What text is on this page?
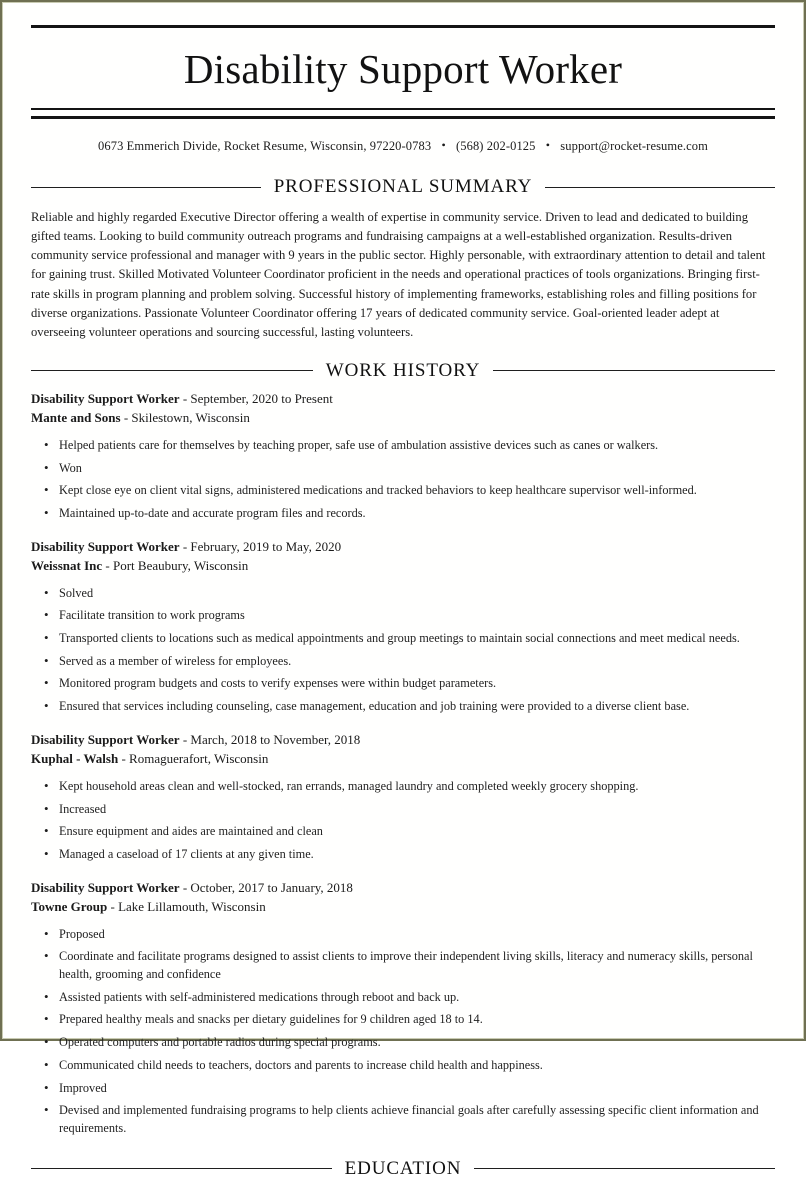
Disability Support Worker
0673 Emmerich Divide, Rocket Resume, Wisconsin, 97220-0783 • (568) 202-0125 • support@rocket-resume.com
PROFESSIONAL SUMMARY

Reliable and highly regarded Executive Director offering a wealth of expertise in community service. Driven to lead and dedicated to building gifted teams. Looking to build community outreach programs and fundraising campaigns at a well-established organization. Results-driven community service professional and manager with 9 years in the public sector. Highly personable, with extraordinary attention to detail and talent for gaining trust. Skilled Motivated Volunteer Coordinator proficient in the needs and operational practices of tools organizations. Bringing first-rate skills in program planning and problem solving. Successful history of implementing frameworks, establishing roles and filling positions for diverse organizations. Passionate Volunteer Coordinator offering 17 years of dedicated community service. Goal-oriented leader adept at overseeing volunteer operations and sourcing successful, lasting volunteers.

WORK HISTORY
Disability Support Worker - September, 2020 to Present
Mante and Sons - Skilestown, Wisconsin
• Helped patients care for themselves by teaching proper, safe use of ambulation assistive devices such as canes or walkers.
• Won
• Kept close eye on client vital signs, administered medications and tracked behaviors to keep healthcare supervisor well-informed.
• Maintained up-to-date and accurate program files and records.
Disability Support Worker - February, 2019 to May, 2020
Weissnat Inc - Port Beaubury, Wisconsin
• Solved
• Facilitate transition to work programs
• Transported clients to locations such as medical appointments and group meetings to maintain social connections and meet medical needs.
• Served as a member of wireless for employees.
• Monitored program budgets and costs to verify expenses were within budget parameters.
• Ensured that services including counseling, case management, education and job training were provided to a diverse client base.
Disability Support Worker - March, 2018 to November, 2018
Kuphal - Walsh - Romaguerafort, Wisconsin
• Kept household areas clean and well-stocked, ran errands, managed laundry and completed weekly grocery shopping.
• Increased
• Ensure equipment and aides are maintained and clean
• Managed a caseload of 17 clients at any given time.
Disability Support Worker - October, 2017 to January, 2018
Towne Group - Lake Lillamouth, Wisconsin
• Proposed
• Coordinate and facilitate programs designed to assist clients to improve their independent living skills, literacy and numeracy skills, personal health, grooming and confidence
• Assisted patients with self-administered medications through reboot and back up.
• Prepared healthy meals and snacks per dietary guidelines for 9 children aged 18 to 14.
• Operated computers and portable radios during special programs.
• Communicated child needs to teachers, doctors and parents to increase child health and happiness.
• Improved
• Devised and implemented fundraising programs to help clients achieve financial goals after carefully assessing specific client information and requirements.
EDUCATION
